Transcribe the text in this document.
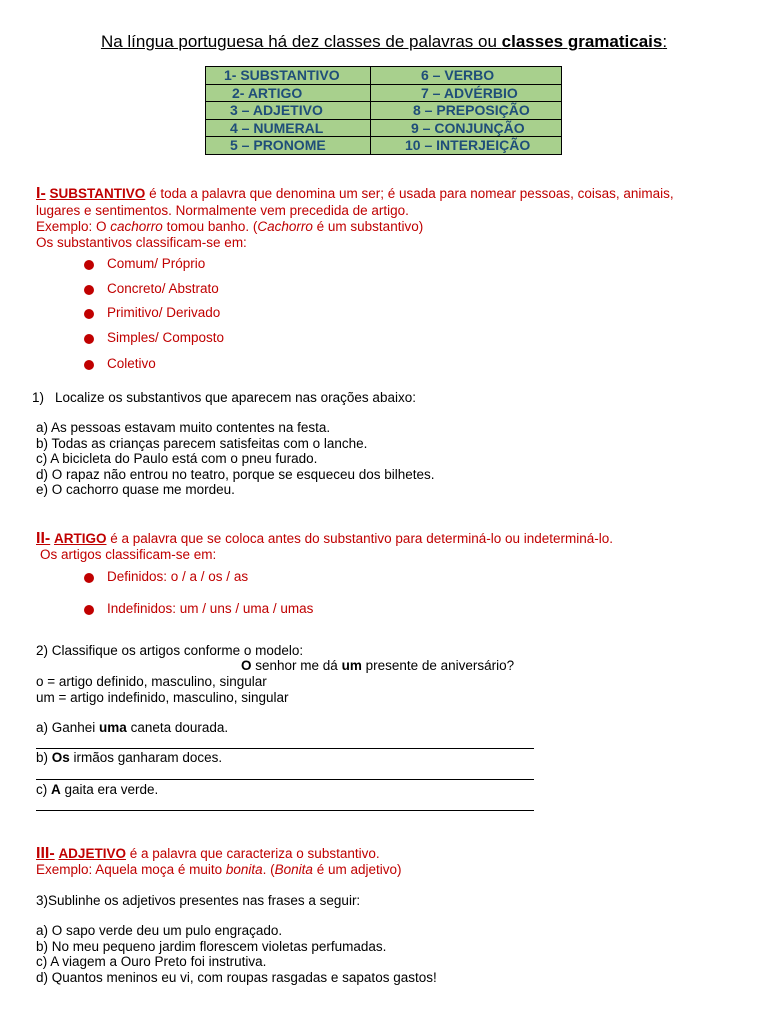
Na língua portuguesa há dez classes de palavras ou classes gramaticais:
1- SUBSTANTIVO	6 – VERBO
2- ARTIGO	7 – ADVÉRBIO
3 – ADJETIVO	8 – PREPOSIÇÃO
4 – NUMERAL	9 – CONJUNÇÃO
5 – PRONOME	10 – INTERJEIÇÃO
I- SUBSTANTIVO é toda a palavra que denomina um ser; é usada para nomear pessoas, coisas, animais,
lugares e sentimentos. Normalmente vem precedida de artigo.
Exemplo: O cachorro tomou banho. (Cachorro é um substantivo)
Os substantivos classificam-se em:
Comum/ Próprio
Concreto/ Abstrato
Primitivo/ Derivado
Simples/ Composto
Coletivo
1) Localize os substantivos que aparecem nas orações abaixo:
a) As pessoas estavam muito contentes na festa.
b) Todas as crianças parecem satisfeitas com o lanche.
c) A bicicleta do Paulo está com o pneu furado.
d) O rapaz não entrou no teatro, porque se esqueceu dos bilhetes.
e) O cachorro quase me mordeu.
II- ARTIGO é a palavra que se coloca antes do substantivo para determiná-lo ou indeterminá-lo.
Os artigos classificam-se em:
Definidos: o / a / os / as
Indefinidos: um / uns / uma / umas
2) Classifique os artigos conforme o modelo:
O senhor me dá um presente de aniversário?
o = artigo definido, masculino, singular
um = artigo indefinido, masculino, singular
a) Ganhei uma caneta dourada.
b) Os irmãos ganharam doces.
c) A gaita era verde.
III- ADJETIVO é a palavra que caracteriza o substantivo.
Exemplo: Aquela moça é muito bonita. (Bonita é um adjetivo)
3)Sublinhe os adjetivos presentes nas frases a seguir:
a) O sapo verde deu um pulo engraçado.
b) No meu pequeno jardim florescem violetas perfumadas.
c) A viagem a Ouro Preto foi instrutiva.
d) Quantos meninos eu vi, com roupas rasgadas e sapatos gastos!
